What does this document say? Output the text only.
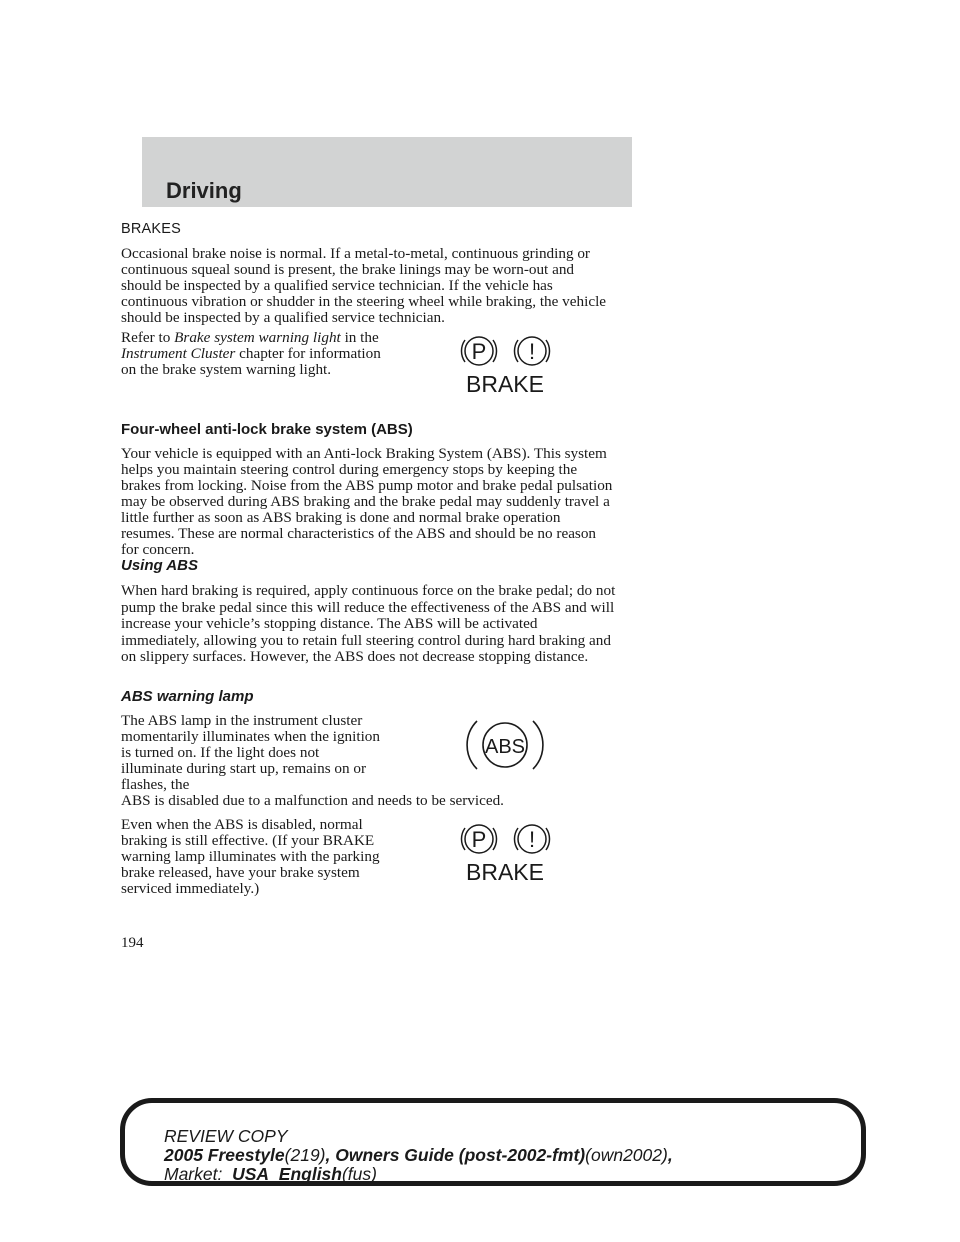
Driving

BRAKES

Occasional brake noise is normal. If a metal-to-metal, continuous grinding or continuous squeal sound is present, the brake linings may be worn-out and should be inspected by a qualified service technician. If the vehicle has continuous vibration or shudder in the steering wheel while braking, the vehicle should be inspected by a qualified service technician.

Refer to Brake system warning light in the Instrument Cluster chapter for information on the brake system warning light.

P !
BRAKE

Four-wheel anti-lock brake system (ABS)

Your vehicle is equipped with an Anti-lock Braking System (ABS). This system helps you maintain steering control during emergency stops by keeping the brakes from locking. Noise from the ABS pump motor and brake pedal pulsation may be observed during ABS braking and the brake pedal may suddenly travel a little further as soon as ABS braking is done and normal brake operation resumes. These are normal characteristics of the ABS and should be no reason for concern.

Using ABS

When hard braking is required, apply continuous force on the brake pedal; do not pump the brake pedal since this will reduce the effectiveness of the ABS and will increase your vehicle’s stopping distance. The ABS will be activated immediately, allowing you to retain full steering control during hard braking and on slippery surfaces. However, the ABS does not decrease stopping distance.

ABS warning lamp

The ABS lamp in the instrument cluster momentarily illuminates when the ignition is turned on. If the light does not illuminate during start up, remains on or flashes, the

ABS is disabled due to a malfunction and needs to be serviced.

ABS

Even when the ABS is disabled, normal braking is still effective. (If your BRAKE warning lamp illuminates with the parking brake released, have your brake system serviced immediately.)

P !
BRAKE
194
REVIEW COPY
2005 Freestyle(219), Owners Guide (post-2002-fmt)(own2002),
Market: USA_English(fus)
